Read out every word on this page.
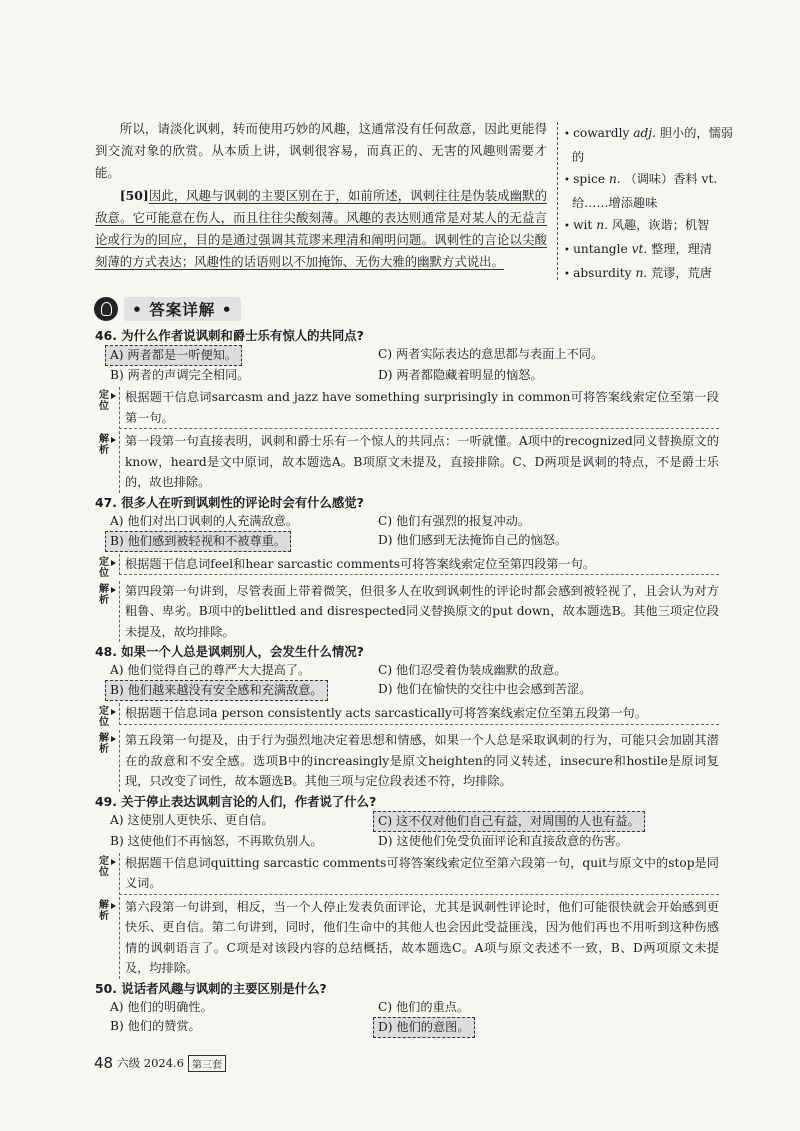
所以，请淡化讽刺，转而使用巧妙的风趣，这通常没有任何敌意，因此更能得到交流对象的欣赏。从本质上讲，讽刺很容易，而真正的、无害的风趣则需要才能。

[50]因此，风趣与讽刺的主要区别在于，如前所述，讽刺往往是伪装成幽默的敌意。它可能意在伤人，而且往往尖酸刻薄。风趣的表达则通常是对某人的无益言论或行为的回应，目的是通过强调其荒谬来理清和阐明问题。讽刺性的言论以尖酸刻薄的方式表达；风趣性的话语则以不加掩饰、无伤大雅的幽默方式说出。

• cowardly adj. 胆小的，懦弱的
• spice n. （调味）香料 vt. 给……增添趣味
• wit n. 风趣，诙谐；机智
• untangle vt. 整理，理清
• absurdity n. 荒谬，荒唐
• 答案详解 •

46. 为什么作者说讽刺和爵士乐有惊人的共同点?

A) 两者都是一听便知。	C) 两者实际表达的意思都与表面上不同。
B) 两者的声调完全相同。	D) 两者都隐藏着明显的恼怒。
定位
根据题干信息词sarcasm and jazz have something surprisingly in common可将答案线索定位至第一段第一句。
解析
第一段第一句直接表明，讽刺和爵士乐有一个惊人的共同点：一听就懂。A项中的recognized同义替换原文的know，heard是文中原词，故本题选A。B项原文未提及，直接排除。C、D两项是讽刺的特点，不是爵士乐的，故也排除。

47. 很多人在听到讽刺性的评论时会有什么感觉?

A) 他们对出口讽刺的人充满敌意。	C) 他们有强烈的报复冲动。
B) 他们感到被轻视和不被尊重。	D) 他们感到无法掩饰自己的恼怒。
定位
根据题干信息词feel和hear sarcastic comments可将答案线索定位至第四段第一句。
解析
第四段第一句讲到，尽管表面上带着微笑，但很多人在收到讽刺性的评论时都会感到被轻视了，且会认为对方粗鲁、卑劣。B项中的belittled and disrespected同义替换原文的put down，故本题选B。其他三项定位段未提及，故均排除。

48. 如果一个人总是讽刺别人，会发生什么情况?

A) 他们觉得自己的尊严大大提高了。	C) 他们忍受着伪装成幽默的敌意。
B) 他们越来越没有安全感和充满敌意。	D) 他们在愉快的交往中也会感到苦涩。
定位
根据题干信息词a person consistently acts sarcastically可将答案线索定位至第五段第一句。
解析
第五段第一句提及，由于行为强烈地决定着思想和情感，如果一个人总是采取讽刺的行为，可能只会加剧其潜在的敌意和不安全感。选项B中的increasingly是原文heighten的同义转述，insecure和hostile是原词复现，只改变了词性，故本题选B。其他三项与定位段表述不符，均排除。

49. 关于停止表达讽刺言论的人们，作者说了什么?

A) 这使别人更快乐、更自信。	C) 这不仅对他们自己有益，对周围的人也有益。
B) 这使他们不再恼怒，不再欺负别人。	D) 这使他们免受负面评论和直接敌意的伤害。
定位
根据题干信息词quitting sarcastic comments可将答案线索定位至第六段第一句，quit与原文中的stop是同义词。
解析
第六段第一句讲到，相反，当一个人停止发表负面评论，尤其是讽刺性评论时，他们可能很快就会开始感到更快乐、更自信。第二句讲到，同时，他们生命中的其他人也会因此受益匪浅，因为他们再也不用听到这种伤感情的讽刺语言了。C项是对该段内容的总结概括，故本题选C。A项与原文表述不一致，B、D两项原文未提及，均排除。

50. 说话者风趣与讽刺的主要区别是什么?

A) 他们的明确性。	C) 他们的重点。
B) 他们的赞赏。	D) 他们的意图。
48 六级 2024.6 第三套
